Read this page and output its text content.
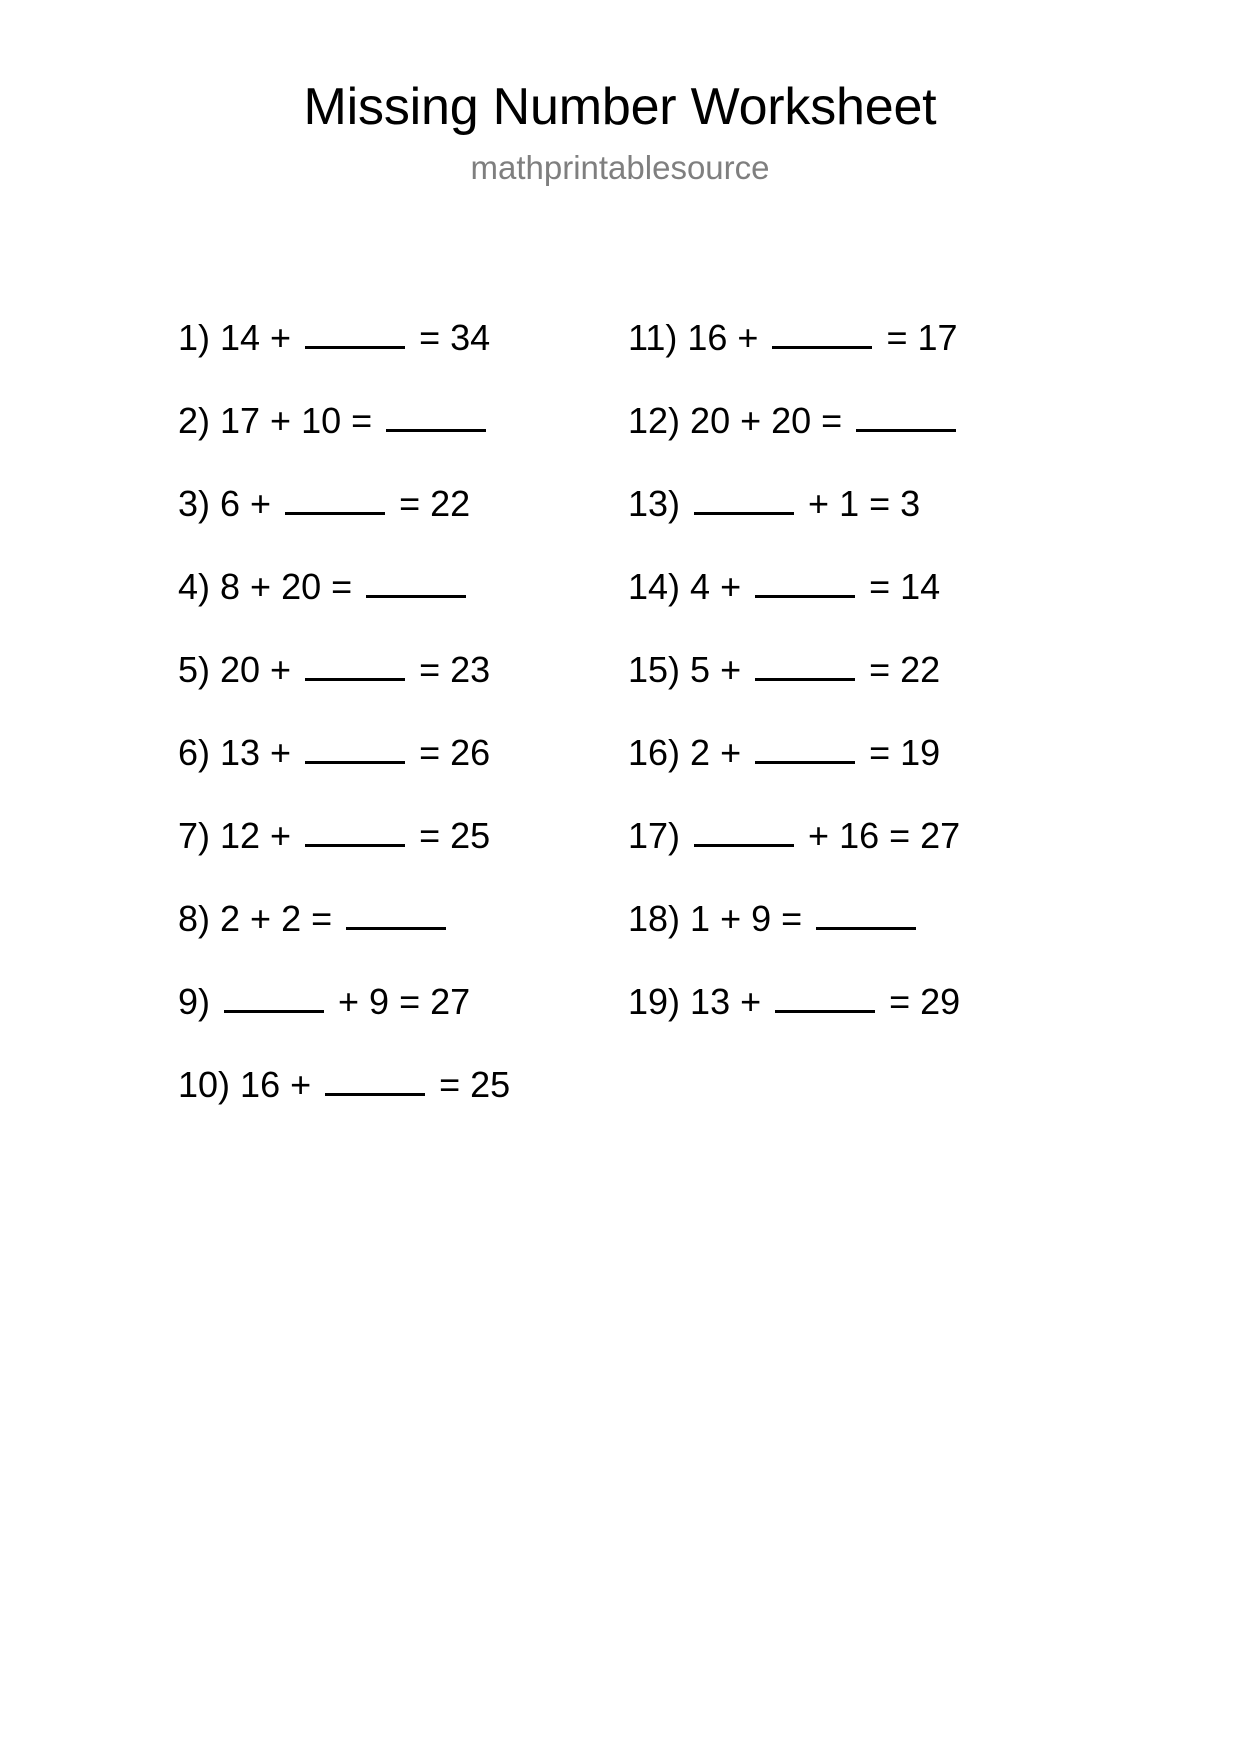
Missing Number Worksheet
mathprintablesource
1) 14 +	= 34
2) 17 + 10 =
3) 6 +	= 22
4) 8 + 20 =
5) 20 +	= 23
6) 13 +	= 26
7) 12 +	= 25
8) 2 + 2 =
9)	+ 9 = 27
10) 16 +	= 25
11) 16 +	= 17
12) 20 + 20 =
13)	+ 1 = 3
14) 4 +	= 14
15) 5 +	= 22
16) 2 +	= 19
17)	+ 16 = 27
18) 1 + 9 =
19) 13 +	= 29
